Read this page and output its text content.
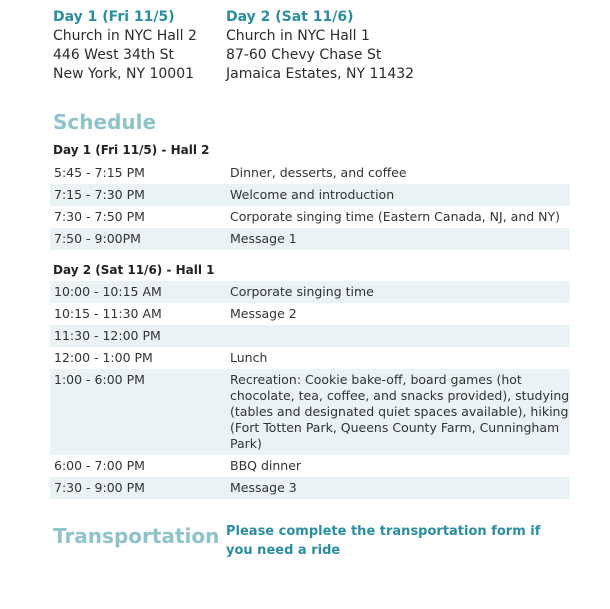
Day 1 (Fri 11/5)
Church in NYC Hall 2
446 West 34th St
New York, NY 10001
Day 2 (Sat 11/6)
Church in NYC Hall 1
87-60 Chevy Chase St
Jamaica Estates, NY 11432
Schedule
Day 1 (Fri 11/5) - Hall 2
5:45 - 7:15 PM	Dinner, desserts, and coffee
7:15 - 7:30 PM	Welcome and introduction
7:30 - 7:50 PM	Corporate singing time (Eastern Canada, NJ, and NY)
7:50 - 9:00PM	Message 1
Day 2 (Sat 11/6) - Hall 1
10:00 - 10:15 AM	Corporate singing time
10:15 - 11:30 AM	Message 2
11:30 - 12:00 PM
12:00 - 1:00 PM	Lunch
1:00 - 6:00 PM	Recreation: Cookie bake-off, board games (hot chocolate, tea, coffee, and snacks provided), studying (tables and designated quiet spaces available), hiking (Fort Totten Park, Queens County Farm, Cunningham Park)
6:00 - 7:00 PM	BBQ dinner
7:30 - 9:00 PM	Message 3
Transportation Please complete the transportation form if you need a ride
